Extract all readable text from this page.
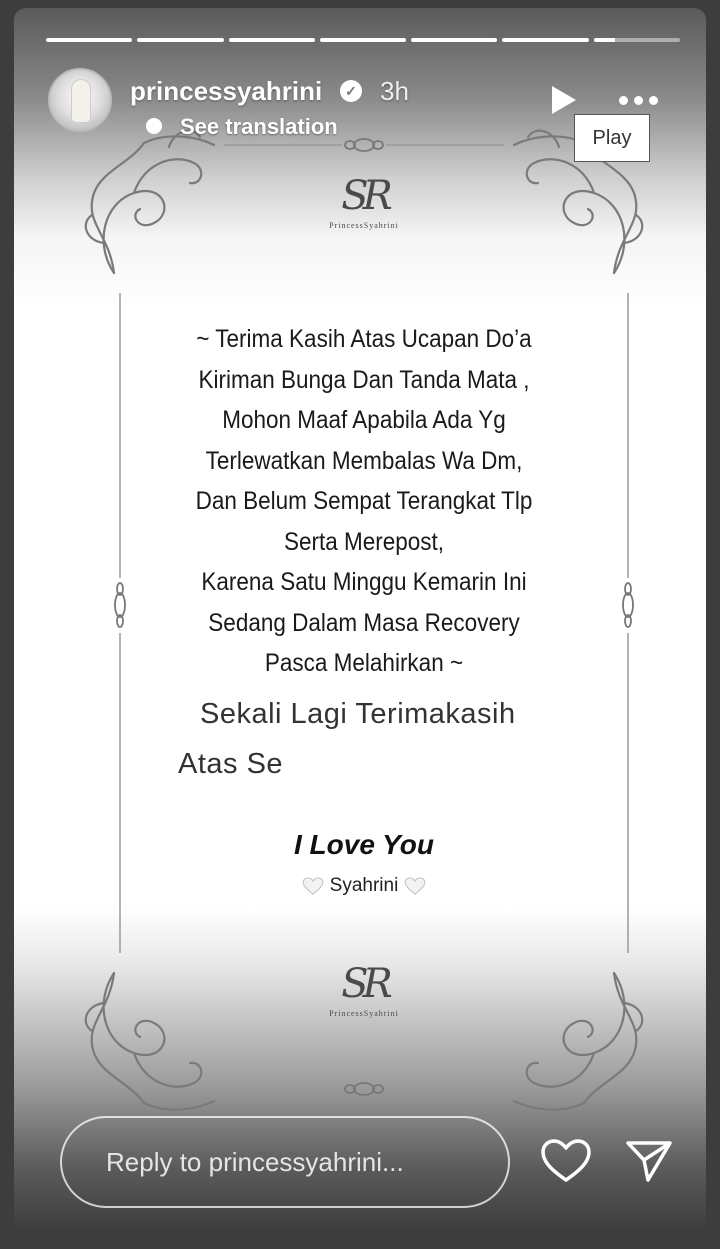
SR
PrincessSyahrini
~ Terima Kasih Atas Ucapan Do’a
Kiriman Bunga Dan Tanda Mata ,
Mohon Maaf Apabila Ada Yg
Terlewatkan Membalas Wa Dm,
Dan Belum Sempat Terangkat Tlp
Serta Merepost,
Karena Satu Minggu Kemarin Ini
Sedang Dalam Masa Recovery
Pasca Melahirkan ~
Sekali Lagi Terimakasih
Atas Se
I Love You
Syahrini
SR
PrincessSyahrini
princessyahrini	✓ 3h
See translation	Play
Reply to princessyahrini...
